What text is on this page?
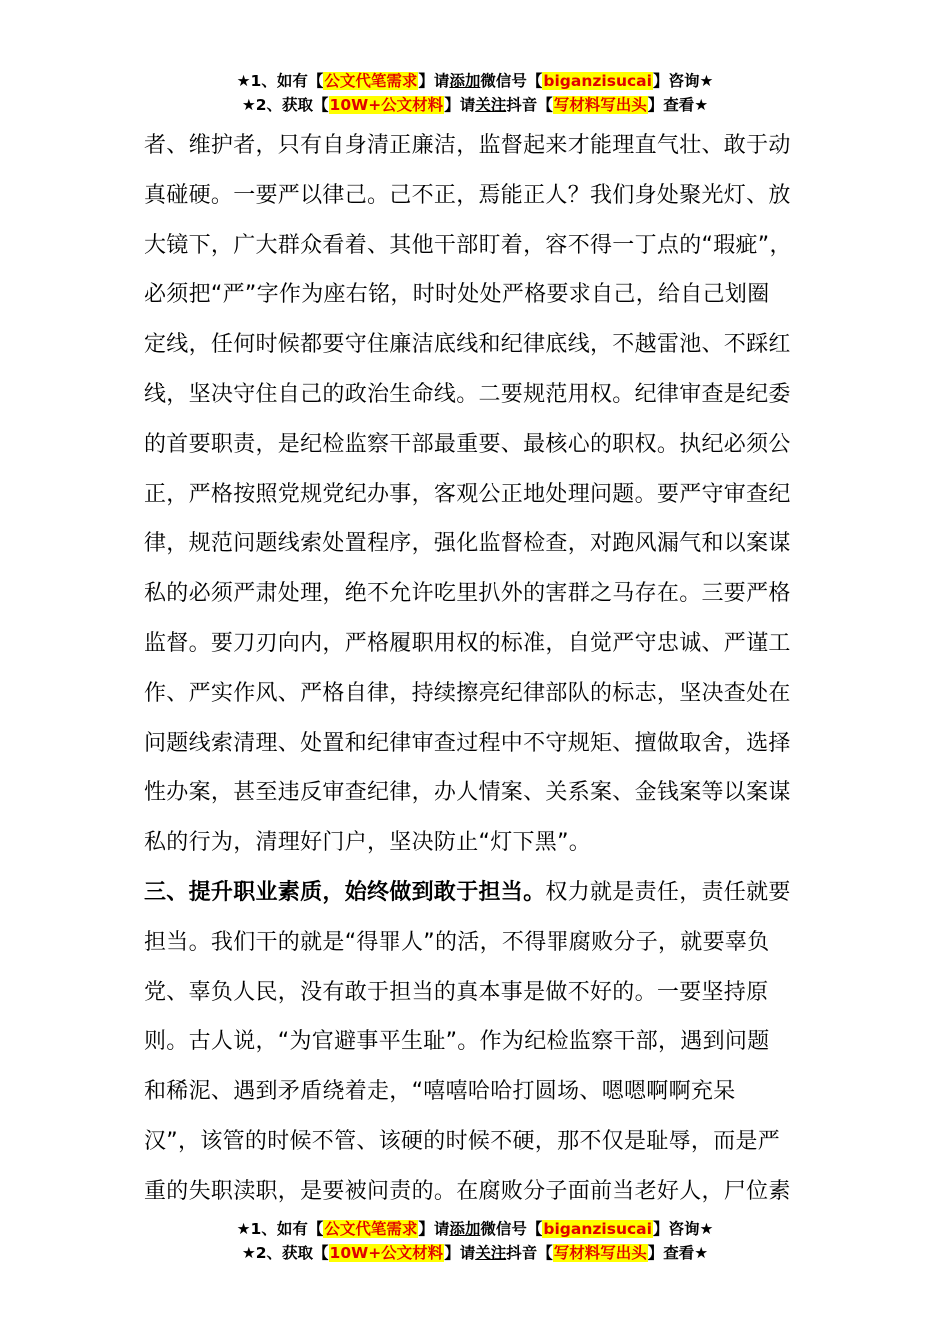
★1、如有【公文代笔需求】请添加微信号【biganzisucai】咨询★
★2、获取【10W+公文材料】请关注抖音【写材料写出头】查看★
者、维护者，只有自身清正廉洁，监督起来才能理直气壮、敢于动
真碰硬。一要严以律己。己不正，焉能正人？我们身处聚光灯、放
大镜下，广大群众看着、其他干部盯着，容不得一丁点的“瑕疵”，
必须把“严”字作为座右铭，时时处处严格要求自己，给自己划圈
定线，任何时候都要守住廉洁底线和纪律底线，不越雷池、不踩红
线，坚决守住自己的政治生命线。二要规范用权。纪律审查是纪委
的首要职责，是纪检监察干部最重要、最核心的职权。执纪必须公
正，严格按照党规党纪办事，客观公正地处理问题。要严守审查纪
律，规范问题线索处置程序，强化监督检查，对跑风漏气和以案谋
私的必须严肃处理，绝不允许吃里扒外的害群之马存在。三要严格
监督。要刀刃向内，严格履职用权的标准，自觉严守忠诚、严谨工
作、严实作风、严格自律，持续擦亮纪律部队的标志，坚决查处在
问题线索清理、处置和纪律审查过程中不守规矩、擅做取舍，选择
性办案，甚至违反审查纪律，办人情案、关系案、金钱案等以案谋
私的行为，清理好门户，坚决防止“灯下黑”。
三、提升职业素质，始终做到敢于担当。权力就是责任，责任就要
担当。我们干的就是“得罪人”的活，不得罪腐败分子，就要辜负
党、辜负人民，没有敢于担当的真本事是做不好的。一要坚持原
则。古人说，“为官避事平生耻”。作为纪检监察干部，遇到问题
和稀泥、遇到矛盾绕着走，“嘻嘻哈哈打圆场、嗯嗯啊啊充呆
汉”，该管的时候不管、该硬的时候不硬，那不仅是耻辱，而是严
重的失职渎职，是要被问责的。在腐败分子面前当老好人，尸位素
★1、如有【公文代笔需求】请添加微信号【biganzisucai】咨询★
★2、获取【10W+公文材料】请关注抖音【写材料写出头】查看★
